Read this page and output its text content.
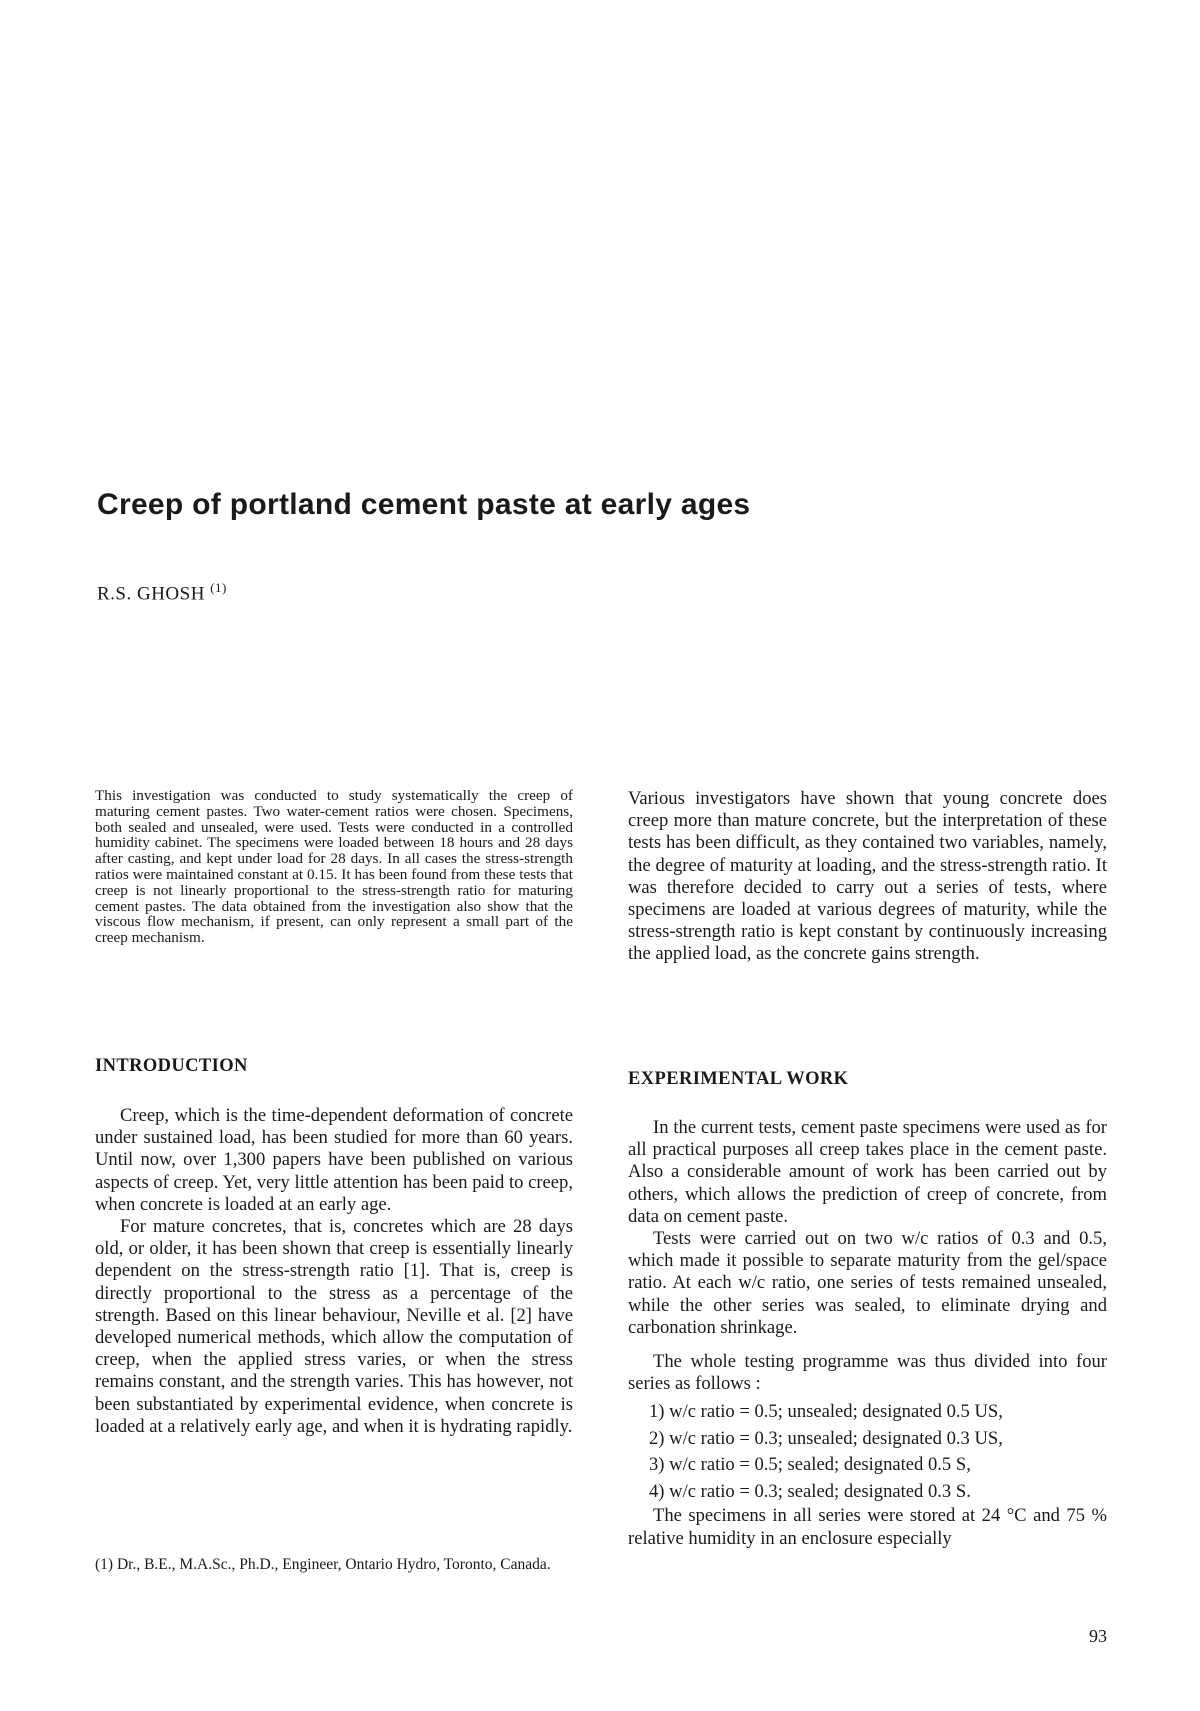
Creep of portland cement paste at early ages
R.S. GHOSH $^{(1)}$

This investigation was conducted to study systematically the creep of maturing cement pastes. Two water-cement ratios were chosen. Specimens, both sealed and unsealed, were used. Tests were conducted in a controlled humidity cabinet. The specimens were loaded between 18 hours and 28 days after casting, and kept under load for 28 days. In all cases the stress-strength ratios were maintained constant at 0.15. It has been found from these tests that creep is not linearly proportional to the stress-strength ratio for maturing cement pastes. The data obtained from the investigation also show that the viscous flow mechanism, if present, can only represent a small part of the creep mechanism.

Various investigators have shown that young concrete does creep more than mature concrete, but the interpretation of these tests has been difficult, as they contained two variables, namely, the degree of maturity at loading, and the stress-strength ratio. It was therefore decided to carry out a series of tests, where specimens are loaded at various degrees of maturity, while the stress-strength ratio is kept constant by continuously increasing the applied load, as the concrete gains strength.

INTRODUCTION

Creep, which is the time-dependent deformation of concrete under sustained load, has been studied for more than 60 years. Until now, over 1,300 papers have been published on various aspects of creep. Yet, very little attention has been paid to creep, when concrete is loaded at an early age.

For mature concretes, that is, concretes which are 28 days old, or older, it has been shown that creep is essentially linearly dependent on the stress-strength ratio [1]. That is, creep is directly proportional to the stress as a percentage of the strength. Based on this linear behaviour, Neville et al. [2] have developed numerical methods, which allow the computation of creep, when the applied stress varies, or when the stress remains constant, and the strength varies. This has however, not been substantiated by experimental evidence, when concrete is loaded at a relatively early age, and when it is hydrating rapidly.

EXPERIMENTAL WORK

In the current tests, cement paste specimens were used as for all practical purposes all creep takes place in the cement paste. Also a considerable amount of work has been carried out by others, which allows the prediction of creep of concrete, from data on cement paste.

Tests were carried out on two w/c ratios of 0.3 and 0.5, which made it possible to separate maturity from the gel/space ratio. At each w/c ratio, one series of tests remained unsealed, while the other series was sealed, to eliminate drying and carbonation shrinkage.

The whole testing programme was thus divided into four series as follows :

1) w/c ratio = 0.5; unsealed; designated 0.5 US,
2) w/c ratio = 0.3; unsealed; designated 0.3 US,
3) w/c ratio = 0.5; sealed; designated 0.5 S,
4) w/c ratio = 0.3; sealed; designated 0.3 S.

The specimens in all series were stored at 24 °C and 75 % relative humidity in an enclosure especially

(1) Dr., B.E., M.A.Sc., Ph.D., Engineer, Ontario Hydro, Toronto, Canada.

93
